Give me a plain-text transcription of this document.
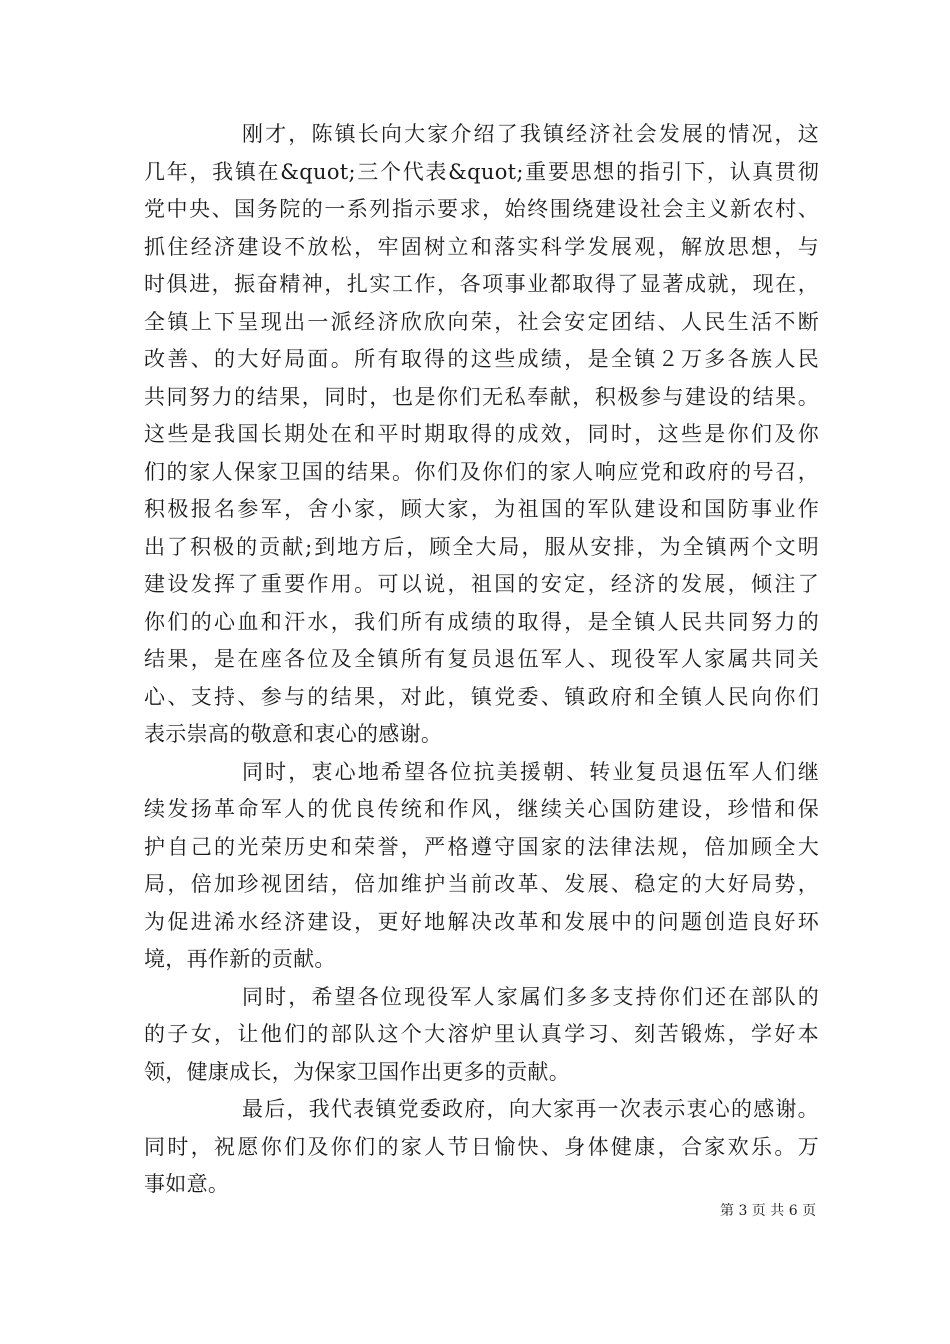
刚才，陈镇长向大家介绍了我镇经济社会发展的情况，这
几年，我镇在&quot;三个代表&quot;重要思想的指引下，认真贯彻
党中央、国务院的一系列指示要求，始终围绕建设社会主义新农村、
抓住经济建设不放松，牢固树立和落实科学发展观，解放思想，与
时俱进，振奋精神，扎实工作，各项事业都取得了显著成就，现在，
全镇上下呈现出一派经济欣欣向荣，社会安定团结、人民生活不断
改善、的大好局面。所有取得的这些成绩，是全镇２万多各族人民
共同努力的结果，同时，也是你们无私奉献，积极参与建设的结果。
这些是我国长期处在和平时期取得的成效，同时，这些是你们及你
们的家人保家卫国的结果。你们及你们的家人响应党和政府的号召，
积极报名参军，舍小家，顾大家，为祖国的军队建设和国防事业作
出了积极的贡献;到地方后，顾全大局，服从安排，为全镇两个文明
建设发挥了重要作用。可以说，祖国的安定，经济的发展，倾注了
你们的心血和汗水，我们所有成绩的取得，是全镇人民共同努力的
结果，是在座各位及全镇所有复员退伍军人、现役军人家属共同关
心、支持、参与的结果，对此，镇党委、镇政府和全镇人民向你们
表示崇高的敬意和衷心的感谢。
同时，衷心地希望各位抗美援朝、转业复员退伍军人们继
续发扬革命军人的优良传统和作风，继续关心国防建设，珍惜和保
护自己的光荣历史和荣誉，严格遵守国家的法律法规，倍加顾全大
局，倍加珍视团结，倍加维护当前改革、发展、稳定的大好局势，
为促进浠水经济建设，更好地解决改革和发展中的问题创造良好环
境，再作新的贡献。
同时，希望各位现役军人家属们多多支持你们还在部队的
的子女，让他们的部队这个大溶炉里认真学习、刻苦锻炼，学好本
领，健康成长，为保家卫国作出更多的贡献。
最后，我代表镇党委政府，向大家再一次表示衷心的感谢。
同时，祝愿你们及你们的家人节日愉快、身体健康，合家欢乐。万
事如意。
第 3 页 共 6 页
